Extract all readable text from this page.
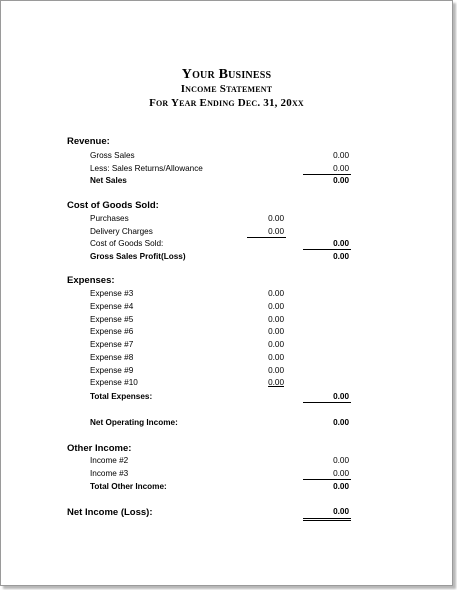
Your Business
Income Statement
For Year Ending Dec. 31, 20xx
Revenue:
Gross Sales	0.00
Less: Sales Returns/Allowance	0.00
Net Sales	0.00
Cost of Goods Sold:
Purchases	0.00
Delivery Charges	0.00
Cost of Goods Sold:	0.00
Gross Sales Profit(Loss)	0.00
Expenses:
Expense #3	0.00
Expense #4	0.00
Expense #5	0.00
Expense #6	0.00
Expense #7	0.00
Expense #8	0.00
Expense #9	0.00
Expense #10	0.00
Total Expenses:	0.00
Net Operating Income:	0.00
Other Income:
Income #2	0.00
Income #3	0.00
Total Other Income:	0.00
Net Income (Loss):	0.00
